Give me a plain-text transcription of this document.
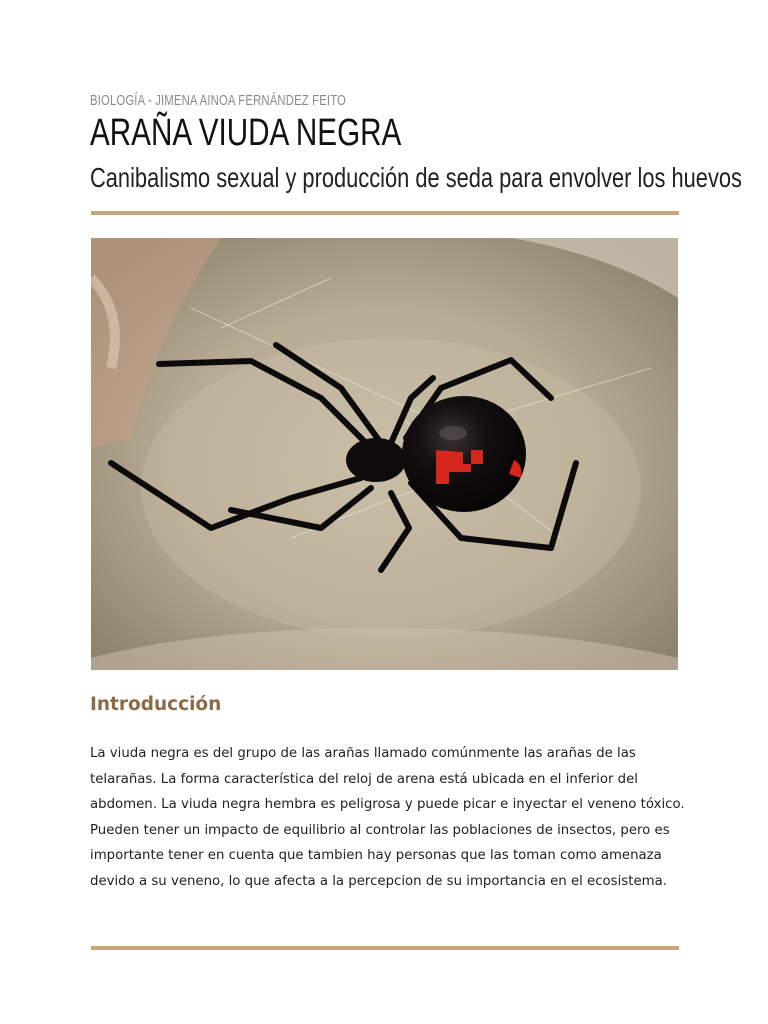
BIOLOGÍA - JIMENA AINOA FERNÁNDEZ FEITO
ARAÑA VIUDA NEGRA
Canibalismo sexual y producción de seda para envolver los huevos
Introducción
La viuda negra es del grupo de las arañas llamado comúnmente las arañas de las telarañas. La forma característica del reloj de arena está ubicada en el inferior del abdomen. La viuda negra hembra es peligrosa y puede picar e inyectar el veneno tóxico. Pueden tener un impacto de equilibrio al controlar las poblaciones de insectos, pero es importante tener en cuenta que tambien hay personas que las toman como amenaza devido a su veneno, lo que afecta a la percepcion de su importancia en el ecosistema.
